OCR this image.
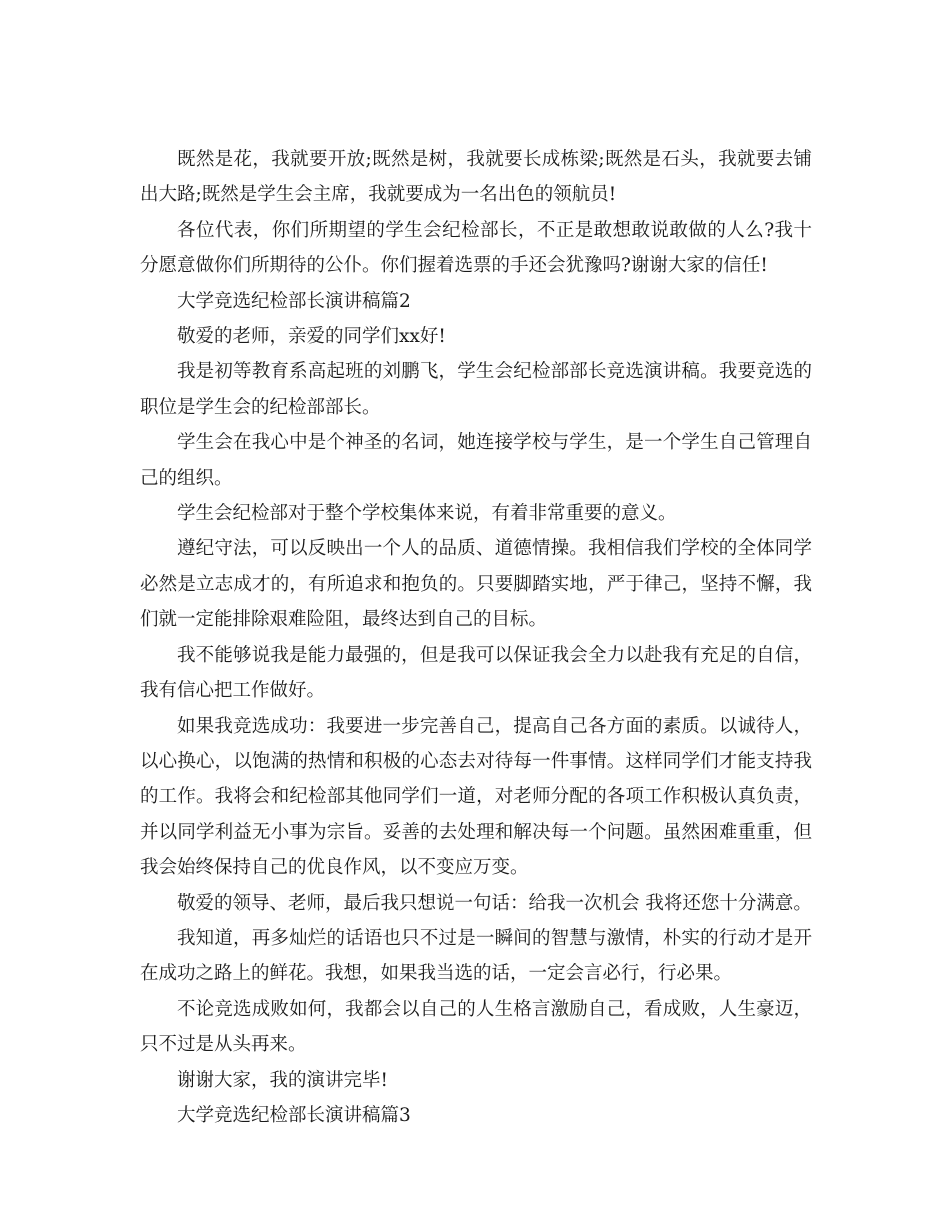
既然是花，我就要开放;既然是树，我就要长成栋梁;既然是石头，我就要去铺出大路;既然是学生会主席，我就要成为一名出色的领航员!

各位代表，你们所期望的学生会纪检部长，不正是敢想敢说敢做的人么?我十分愿意做你们所期待的公仆。你们握着选票的手还会犹豫吗?谢谢大家的信任!

大学竞选纪检部长演讲稿篇2

敬爱的老师，亲爱的同学们xx好!

我是初等教育系高起班的刘鹏飞，学生会纪检部部长竞选演讲稿。我要竞选的职位是学生会的纪检部部长。

学生会在我心中是个神圣的名词，她连接学校与学生，是一个学生自己管理自己的组织。

学生会纪检部对于整个学校集体来说，有着非常重要的意义。

遵纪守法，可以反映出一个人的品质、道德情操。我相信我们学校的全体同学必然是立志成才的，有所追求和抱负的。只要脚踏实地，严于律己，坚持不懈，我们就一定能排除艰难险阻，最终达到自己的目标。

我不能够说我是能力最强的，但是我可以保证我会全力以赴我有充足的自信，我有信心把工作做好。

如果我竞选成功：我要进一步完善自己，提高自己各方面的素质。以诚待人，以心换心，以饱满的热情和积极的心态去对待每一件事情。这样同学们才能支持我的工作。我将会和纪检部其他同学们一道，对老师分配的各项工作积极认真负责，并以同学利益无小事为宗旨。妥善的去处理和解决每一个问题。虽然困难重重，但我会始终保持自己的优良作风，以不变应万变。

敬爱的领导、老师，最后我只想说一句话：给我一次机会 我将还您十分满意。

我知道，再多灿烂的话语也只不过是一瞬间的智慧与激情，朴实的行动才是开在成功之路上的鲜花。我想，如果我当选的话，一定会言必行，行必果。

不论竞选成败如何，我都会以自己的人生格言激励自己，看成败，人生豪迈，只不过是从头再来。

谢谢大家，我的演讲完毕!

大学竞选纪检部长演讲稿篇3
